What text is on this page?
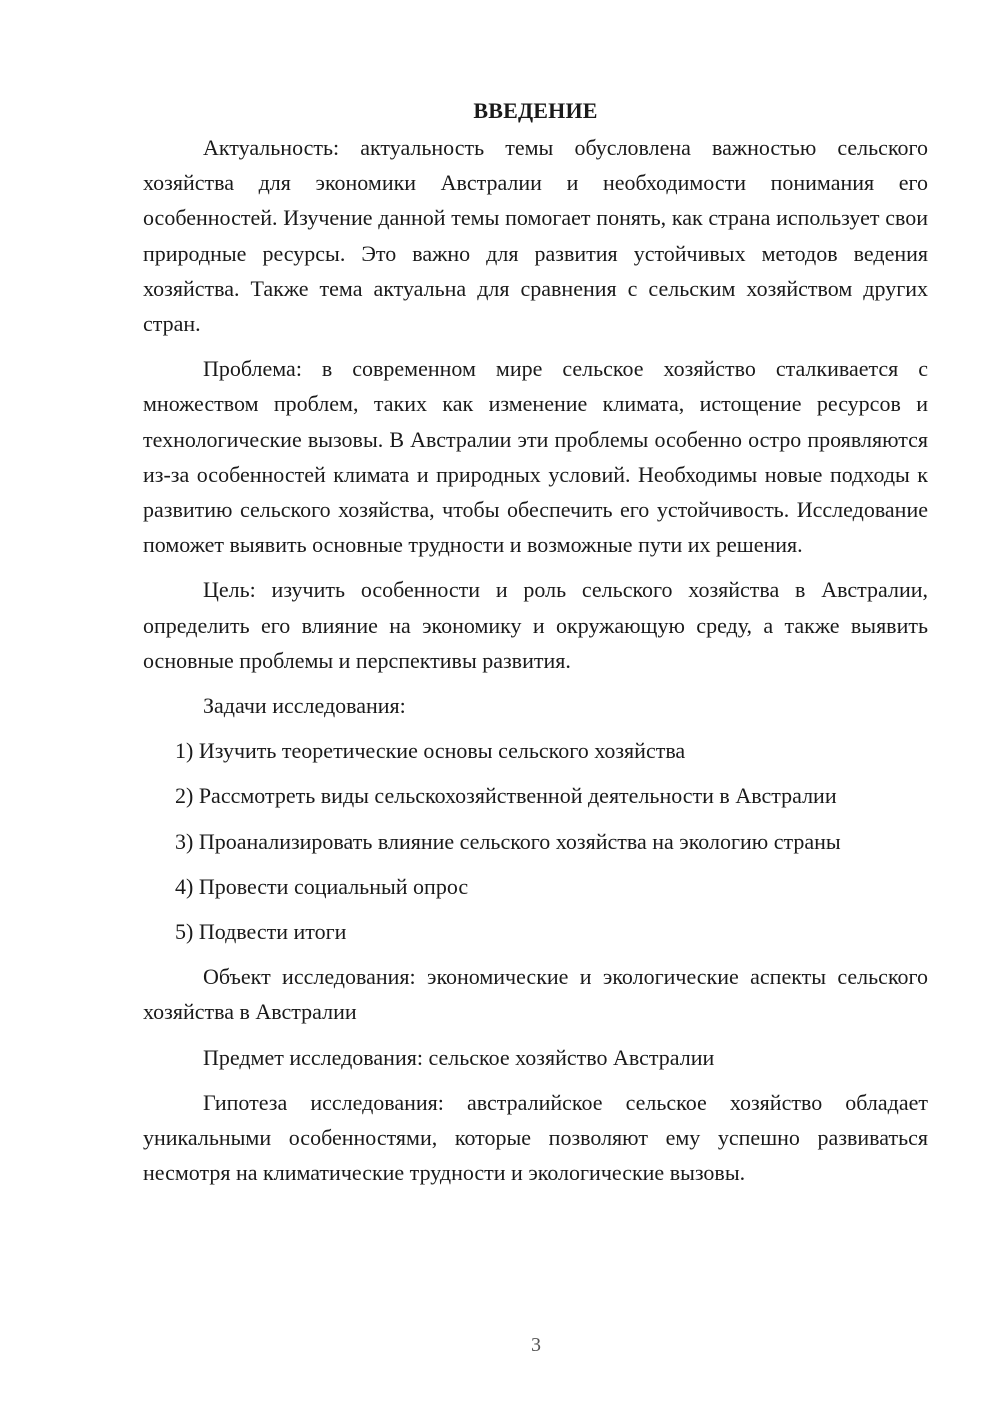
ВВЕДЕНИЕ

Актуальность: актуальность темы обусловлена важностью сельского хозяйства для экономики Австралии и необходимости понимания его особенностей. Изучение данной темы помогает понять, как страна использует свои природные ресурсы. Это важно для развития устойчивых методов ведения хозяйства. Также тема актуальна для сравнения с сельским хозяйством других стран.

Проблема: в современном мире сельское хозяйство сталкивается с множеством проблем, таких как изменение климата, истощение ресурсов и технологические вызовы. В Австралии эти проблемы особенно остро проявляются из-за особенностей климата и природных условий. Необходимы новые подходы к развитию сельского хозяйства, чтобы обеспечить его устойчивость. Исследование поможет выявить основные трудности и возможные пути их решения.

Цель: изучить особенности и роль сельского хозяйства в Австралии, определить его влияние на экономику и окружающую среду, а также выявить основные проблемы и перспективы развития.

Задачи исследования:

1) Изучить теоретические основы сельского хозяйства

2) Рассмотреть виды сельскохозяйственной деятельности в Австралии

3) Проанализировать влияние сельского хозяйства на экологию страны

4) Провести социальный опрос

5) Подвести итоги

Объект исследования: экономические и экологические аспекты сельского хозяйства в Австралии

Предмет исследования: сельское хозяйство Австралии

Гипотеза исследования: австралийское сельское хозяйство обладает уникальными особенностями, которые позволяют ему успешно развиваться несмотря на климатические трудности и экологические вызовы.

3
